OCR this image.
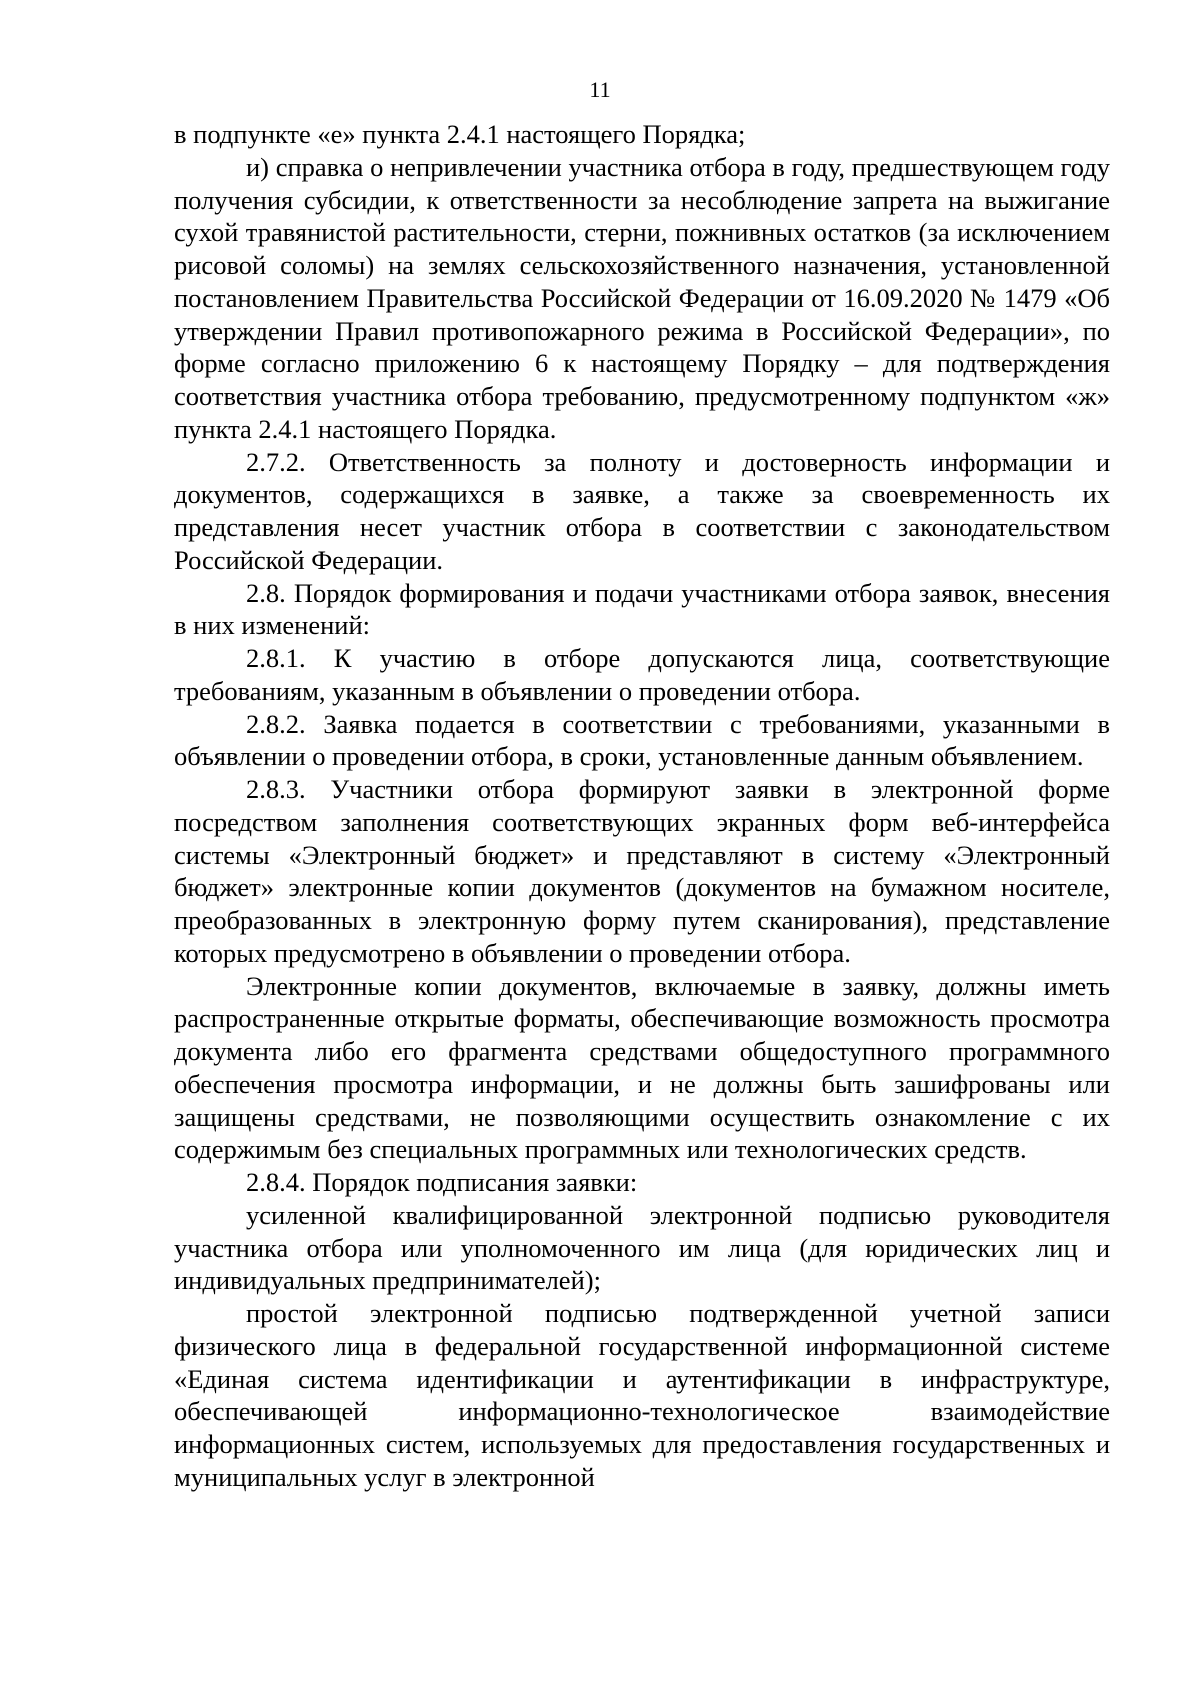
11

в подпункте «е» пункта 2.4.1 настоящего Порядка;

и) справка о непривлечении участника отбора в году, предшествующем году получения субсидии, к ответственности за несоблюдение запрета на выжигание сухой травянистой растительности, стерни, пожнивных остатков (за исключением рисовой соломы) на землях сельскохозяйственного назначения, установленной постановлением Правительства Российской Федерации от 16.09.2020 № 1479 «Об утверждении Правил противопожарного режима в Российской Федерации», по форме согласно приложению 6 к настоящему Порядку – для подтверждения соответствия участника отбора требованию, предусмотренному подпунктом «ж» пункта 2.4.1 настоящего Порядка.

2.7.2. Ответственность за полноту и достоверность информации и документов, содержащихся в заявке, а также за своевременность их представления несет участник отбора в соответствии с законодательством Российской Федерации.

2.8. Порядок формирования и подачи участниками отбора заявок, внесения в них изменений:

2.8.1. К участию в отборе допускаются лица, соответствующие требованиям, указанным в объявлении о проведении отбора.

2.8.2. Заявка подается в соответствии с требованиями, указанными в объявлении о проведении отбора, в сроки, установленные данным объявлением.

2.8.3. Участники отбора формируют заявки в электронной форме посредством заполнения соответствующих экранных форм веб-интерфейса системы «Электронный бюджет» и представляют в систему «Электронный бюджет» электронные копии документов (документов на бумажном носителе, преобразованных в электронную форму путем сканирования), представление которых предусмотрено в объявлении о проведении отбора.

Электронные копии документов, включаемые в заявку, должны иметь распространенные открытые форматы, обеспечивающие возможность просмотра документа либо его фрагмента средствами общедоступного программного обеспечения просмотра информации, и не должны быть зашифрованы или защищены средствами, не позволяющими осуществить ознакомление с их содержимым без специальных программных или технологических средств.

2.8.4. Порядок подписания заявки:

усиленной квалифицированной электронной подписью руководителя участника отбора или уполномоченного им лица (для юридических лиц и индивидуальных предпринимателей);

простой электронной подписью подтвержденной учетной записи физического лица в федеральной государственной информационной системе «Единая система идентификации и аутентификации в инфраструктуре, обеспечивающей информационно-технологическое взаимодействие информационных систем, используемых для предоставления государственных и муниципальных услуг в электронной
